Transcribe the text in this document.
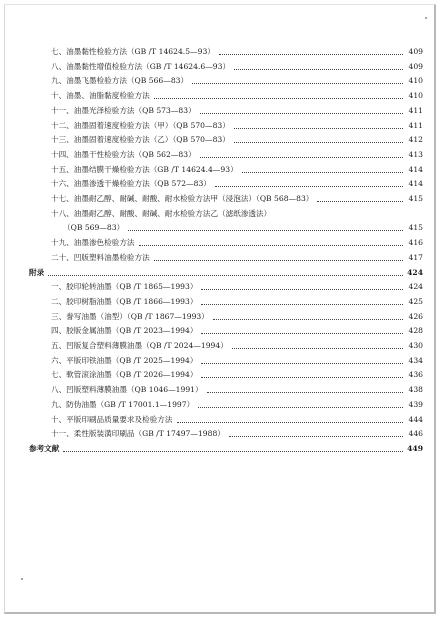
七、油墨黏性检验方法（GB /T 14624.5—93）	409
八、油墨黏性增值检验方法（GB /T 14624.6—93）	409
九、油墨飞墨检验方法（QB 566—83）	410
十、油墨、油脂黏度检验方法	410
十一、油墨光泽检验方法（QB 573—83）	411
十二、油墨固着速度检验方法（甲）（QB 570—83）	411
十三、油墨固着速度检验方法（乙）（QB 570—83）	412
十四、油墨干性检验方法（QB 562—83）	413
十五、油墨结膜干燥检验方法（GB /T 14624.4—93）	414
十六、油墨渗透干燥检验方法（QB 572—83）	414
十七、油墨耐乙醇、耐碱、耐酸、耐水检验方法甲（浸泡法）（QB 568—83）	415
十八、油墨耐乙醇、耐酸、耐碱、耐水检验方法乙（滤纸渗透法）
（QB 569—83）	415
十九、油墨渗色检验方法	416
二十、凹版塑料油墨检验方法	417
附录	424
一、胶印轮转油墨（QB /T 1865—1993）	424
二、胶印树脂油墨（QB /T 1866—1993）	425
三、誊写油墨（油型）（QB /T 1867—1993）	426
四、胶版金属油墨（QB /T 2023—1994）	428
五、凹版复合塑料薄膜油墨（QB /T 2024—1994）	430
六、平版印铁油墨（QB /T 2025—1994）	434
七、軟管滚涂油墨（QB /T 2026—1994）	436
八、凹版塑料薄膜油墨（QB 1046—1991）	438
九、防伪油墨（GB /T 17001.1—1997）	439
十、平版印刷品质量要求及检验方法	444
十一、柔性版装潢印刷品（GB /T 17497—1988）	446
参考文献	449
